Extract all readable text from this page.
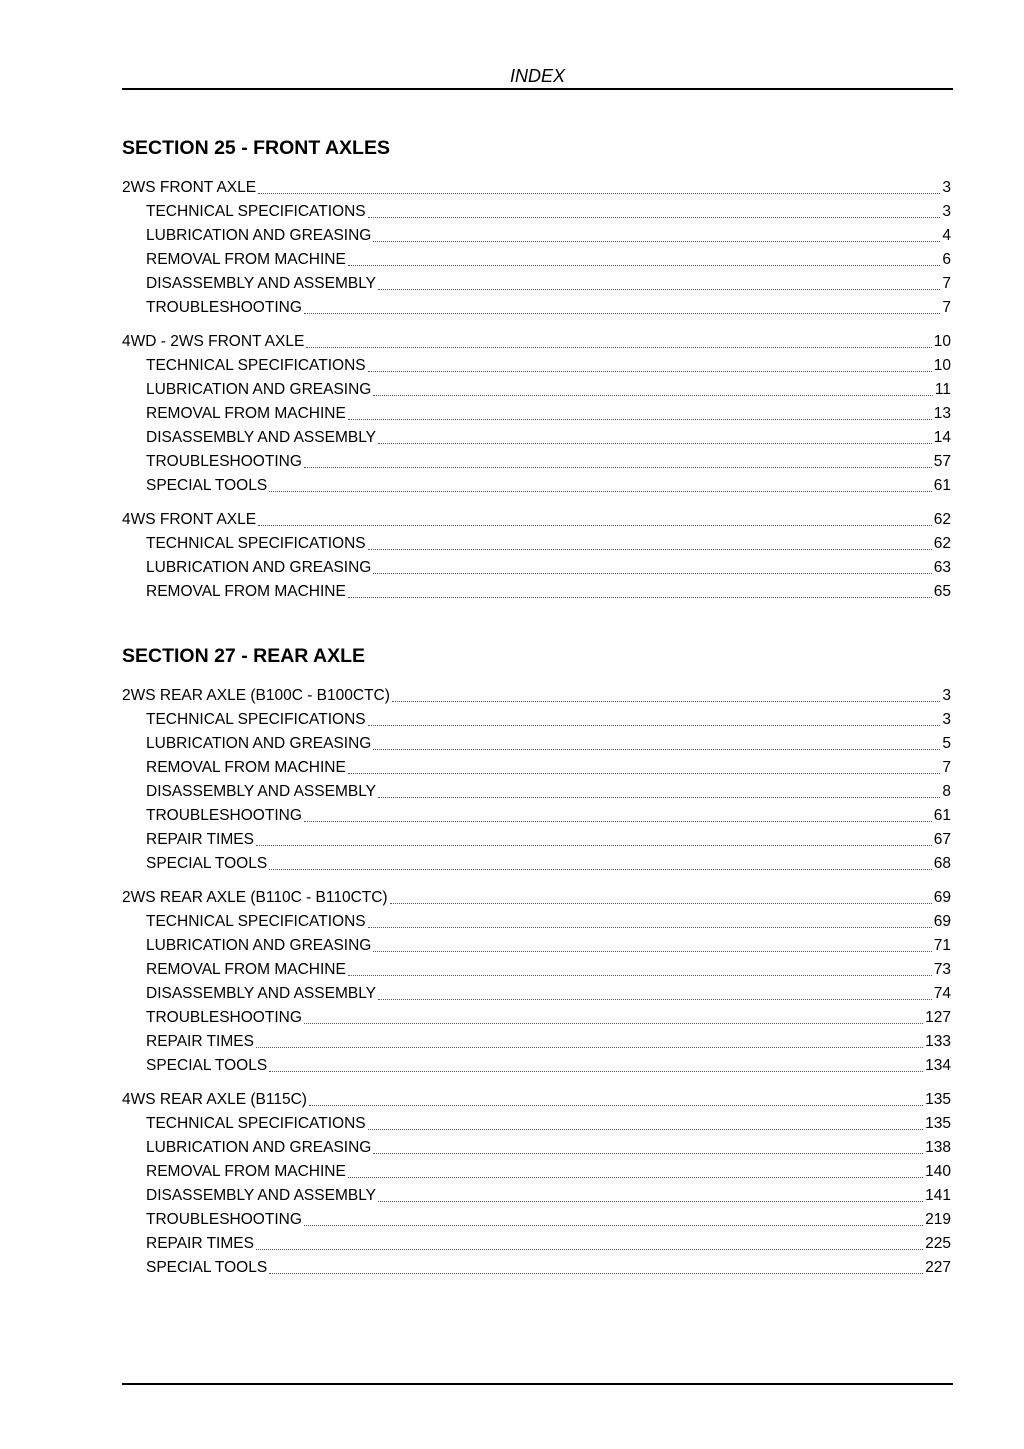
INDEX
SECTION 25 - FRONT AXLES
2WS FRONT AXLE	3
TECHNICAL SPECIFICATIONS	3
LUBRICATION AND GREASING	4
REMOVAL FROM MACHINE	6
DISASSEMBLY AND ASSEMBLY	7
TROUBLESHOOTING	7
4WD - 2WS FRONT AXLE	10
TECHNICAL SPECIFICATIONS	10
LUBRICATION AND GREASING	11
REMOVAL FROM MACHINE	13
DISASSEMBLY AND ASSEMBLY	14
TROUBLESHOOTING	57
SPECIAL TOOLS	61
4WS FRONT AXLE	62
TECHNICAL SPECIFICATIONS	62
LUBRICATION AND GREASING	63
REMOVAL FROM MACHINE	65
SECTION 27 - REAR AXLE
2WS REAR AXLE (B100C - B100CTC)	3
TECHNICAL SPECIFICATIONS	3
LUBRICATION AND GREASING	5
REMOVAL FROM MACHINE	7
DISASSEMBLY AND ASSEMBLY	8
TROUBLESHOOTING	61
REPAIR TIMES	67
SPECIAL TOOLS	68
2WS REAR AXLE (B110C - B110CTC)	69
TECHNICAL SPECIFICATIONS	69
LUBRICATION AND GREASING	71
REMOVAL FROM MACHINE	73
DISASSEMBLY AND ASSEMBLY	74
TROUBLESHOOTING	127
REPAIR TIMES	133
SPECIAL TOOLS	134
4WS REAR AXLE (B115C)	135
TECHNICAL SPECIFICATIONS	135
LUBRICATION AND GREASING	138
REMOVAL FROM MACHINE	140
DISASSEMBLY AND ASSEMBLY	141
TROUBLESHOOTING	219
REPAIR TIMES	225
SPECIAL TOOLS	227
